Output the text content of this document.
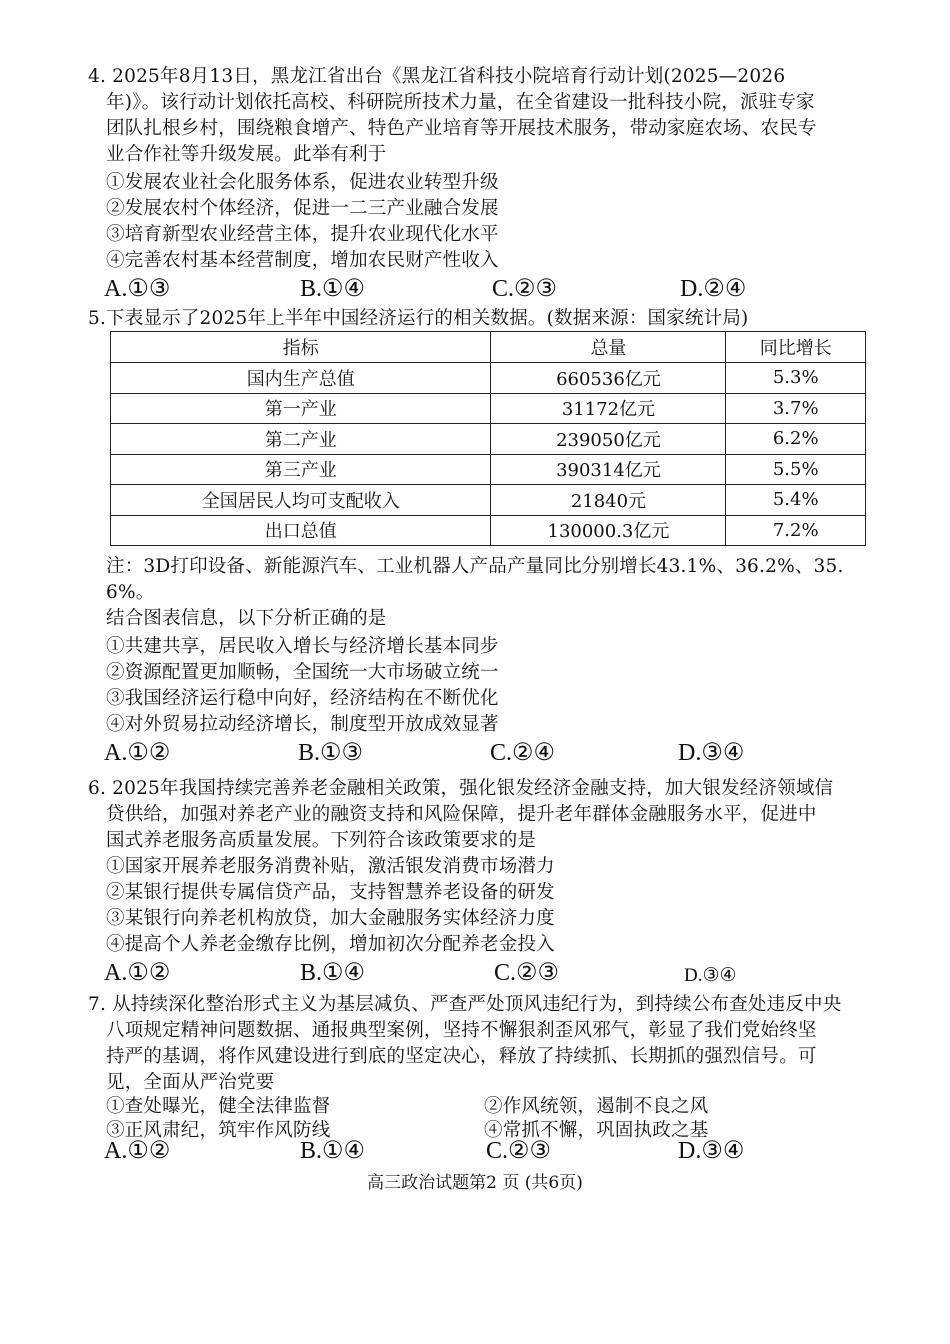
4. 2025年8月13日，黑龙江省出台《黑龙江省科技小院培育行动计划(2025—2026
年)》。该行动计划依托高校、科研院所技术力量，在全省建设一批科技小院，派驻专家
团队扎根乡村，围绕粮食增产、特色产业培育等开展技术服务，带动家庭农场、农民专
业合作社等升级发展。此举有利于
①发展农业社会化服务体系，促进农业转型升级
②发展农村个体经济，促进一二三产业融合发展
③培育新型农业经营主体，提升农业现代化水平
④完善农村基本经营制度，增加农民财产性收入
A.①③	B.①④	C.②③	D.②④
5.下表显示了2025年上半年中国经济运行的相关数据。(数据来源：国家统计局)
指标	总量	同比增长
国内生产总值	660536亿元	5.3%
第一产业	31172亿元	3.7%
第二产业	239050亿元	6.2%
第三产业	390314亿元	5.5%
全国居民人均可支配收入	21840元	5.4%
出口总值	130000.3亿元	7.2%
注：3D打印设备、新能源汽车、工业机器人产品产量同比分别增长43.1%、36.2%、35.
6%。
结合图表信息，以下分析正确的是
①共建共享，居民收入增长与经济增长基本同步
②资源配置更加顺畅，全国统一大市场破立统一
③我国经济运行稳中向好，经济结构在不断优化
④对外贸易拉动经济增长，制度型开放成效显著
A.①②	B.①③	C.②④	D.③④
6. 2025年我国持续完善养老金融相关政策，强化银发经济金融支持，加大银发经济领域信
贷供给，加强对养老产业的融资支持和风险保障，提升老年群体金融服务水平，促进中
国式养老服务高质量发展。下列符合该政策要求的是
①国家开展养老服务消费补贴，激活银发消费市场潜力
②某银行提供专属信贷产品，支持智慧养老设备的研发
③某银行向养老机构放贷，加大金融服务实体经济力度
④提高个人养老金缴存比例，增加初次分配养老金投入
A.①②	B.①④	C.②③	D.③④
7. 从持续深化整治形式主义为基层减负、严查严处顶风违纪行为，到持续公布查处违反中央
八项规定精神问题数据、通报典型案例，坚持不懈狠刹歪风邪气，彰显了我们党始终坚
持严的基调，将作风建设进行到底的坚定决心，释放了持续抓、长期抓的强烈信号。可
见，全面从严治党要
①查处曝光，健全法律监督	②作风统领，遏制不良之风
③正风肃纪，筑牢作风防线	④常抓不懈，巩固执政之基
A.①②	B.①④	C.②③	D.③④
高三政治试题第2 页 (共6页)
